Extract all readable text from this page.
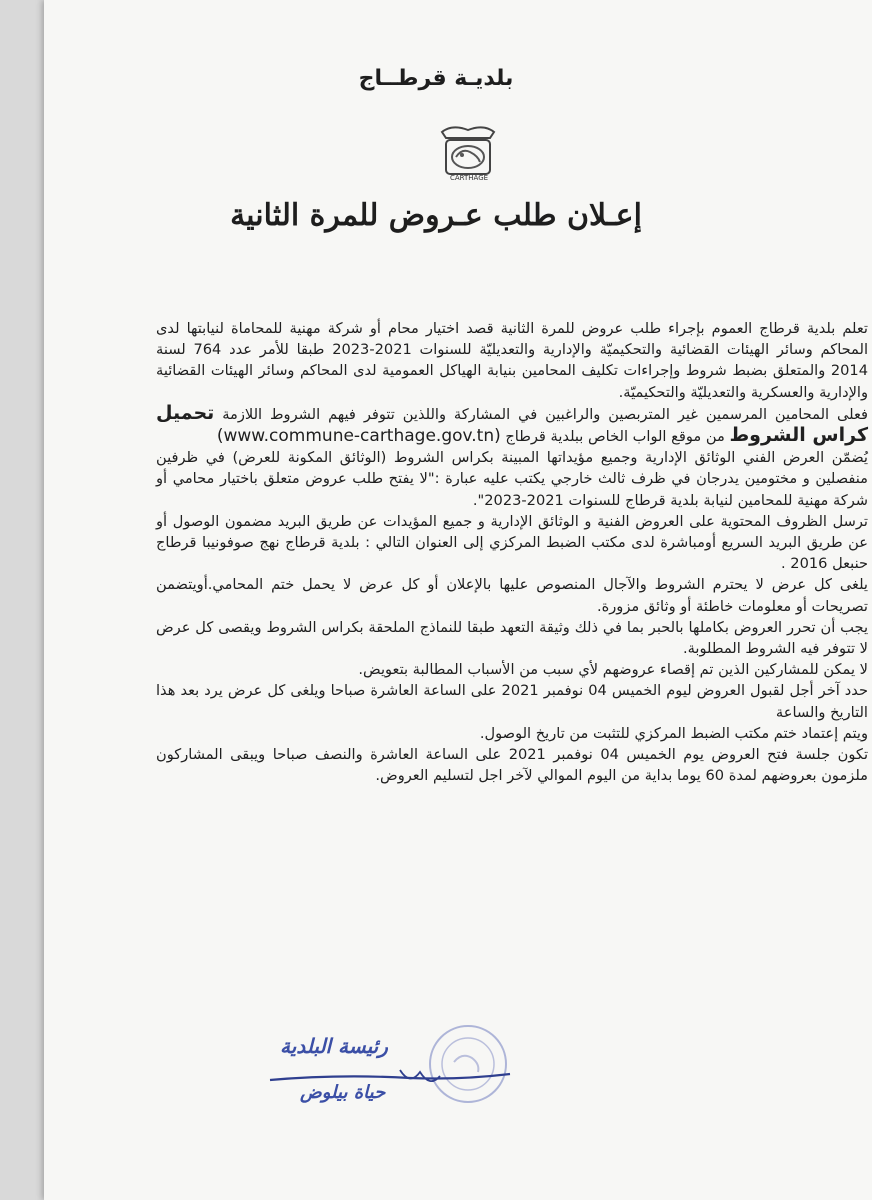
بلديـة قرطــاج
CARTHAGE
إعـلان طلب عـروض للمرة الثانية

تعلم بلدية قرطاج العموم بإجراء طلب عروض للمرة الثانية قصد اختيار محام أو شركة مهنية للمحاماة لنيابتها لدى المحاكم وسائر الهيئات القضائية والتحكيميّة والإدارية والتعديليّة للسنوات 2021-2023 طبقا للأمر عدد 764 لسنة 2014 والمتعلق بضبط شروط وإجراءات تكليف المحامين بنيابة الهياكل العمومية لدى المحاكم وسائر الهيئات القضائية والإدارية والعسكرية والتعديليّة والتحكيميّة.

فعلى المحامين المرسمين غير المتربصين والراغبين في المشاركة واللذين تتوفر فيهم الشروط اللازمة تحميل كراس الشروط من موقع الواب الخاص ببلدية قرطاج (www.commune-carthage.gov.tn)

يُضمّن العرض الفني الوثائق الإدارية وجميع مؤيداتها المبينة بكراس الشروط (الوثائق المكونة للعرض) في ظرفين منفصلين و مختومين يدرجان في ظرف ثالث خارجي يكتب عليه عبارة :"لا يفتح طلب عروض متعلق باختيار محامي أو شركة مهنية للمحامين لنيابة بلدية قرطاج للسنوات 2021-2023".

ترسل الظروف المحتوية على العروض الفنية و الوثائق الإدارية و جميع المؤيدات عن طريق البريد مضمون الوصول أو عن طريق البريد السريع أومباشرة لدى مكتب الضبط المركزي إلى العنوان التالي : بلدية قرطاج نهج صوفونيبا قرطاج حنبعل 2016 .

يلغى كل عرض لا يحترم الشروط والآجال المنصوص عليها بالإعلان أو كل عرض لا يحمل ختم المحامي.أويتضمن تصريحات أو معلومات خاطئة أو وثائق مزورة.

يجب أن تحرر العروض بكاملها بالحبر بما في ذلك وثيقة التعهد طبقا للنماذج الملحقة بكراس الشروط ويقصى كل عرض لا تتوفر فيه الشروط المطلوبة.

لا يمكن للمشاركين الذين تم إقصاء عروضهم لأي سبب من الأسباب المطالبة بتعويض.

حدد آخر أجل لقبول العروض ليوم الخميس 04 نوفمبر 2021 على الساعة العاشرة صباحا ويلغى كل عرض يرد بعد هذا التاريخ والساعة

ويتم إعتماد ختم مكتب الضبط المركزي للتثبت من تاريخ الوصول.

تكون جلسة فتح العروض يوم الخميس 04 نوفمبر 2021 على الساعة العاشرة والنصف صباحا ويبقى المشاركون ملزمون بعروضهم لمدة 60 يوما بداية من اليوم الموالي لآخر اجل لتسليم العروض.

رئيسة البلدية
حياة بيلوض
